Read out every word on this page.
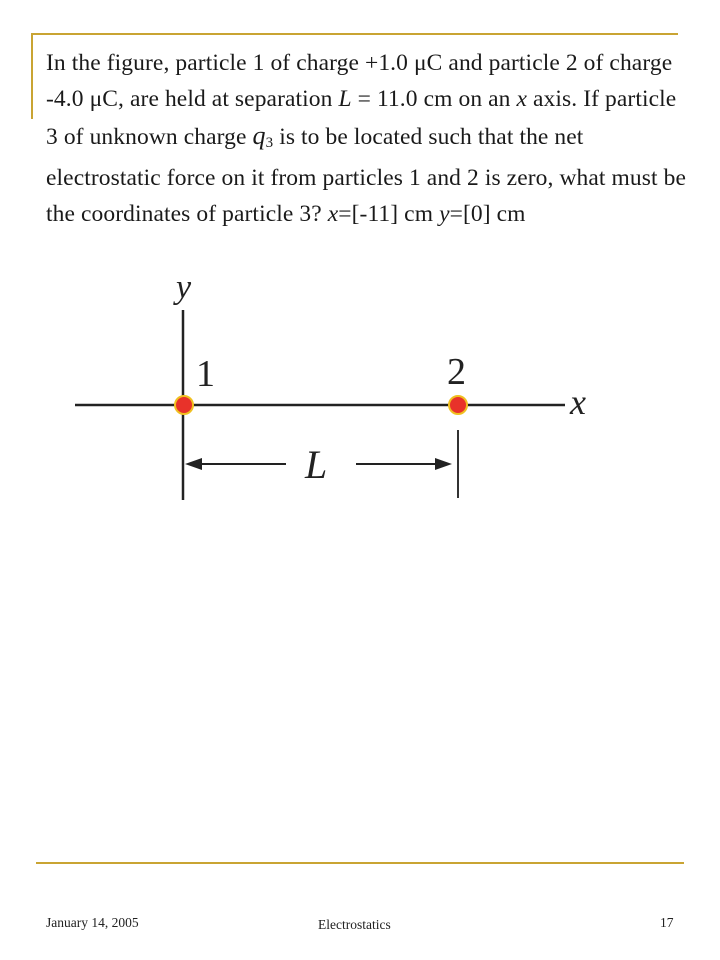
In the figure, particle 1 of charge +1.0 μC and particle 2 of charge -4.0 μC, are held at separation L = 11.0 cm on an x axis. If particle 3 of unknown charge $q_3$ is to be located such that the net electrostatic force on it from particles 1 and 2 is zero, what must be the coordinates of particle 3? x=[-11] cm y=[0] cm

y
x
1	2
L
January 14, 2005	Electrostatics	17
